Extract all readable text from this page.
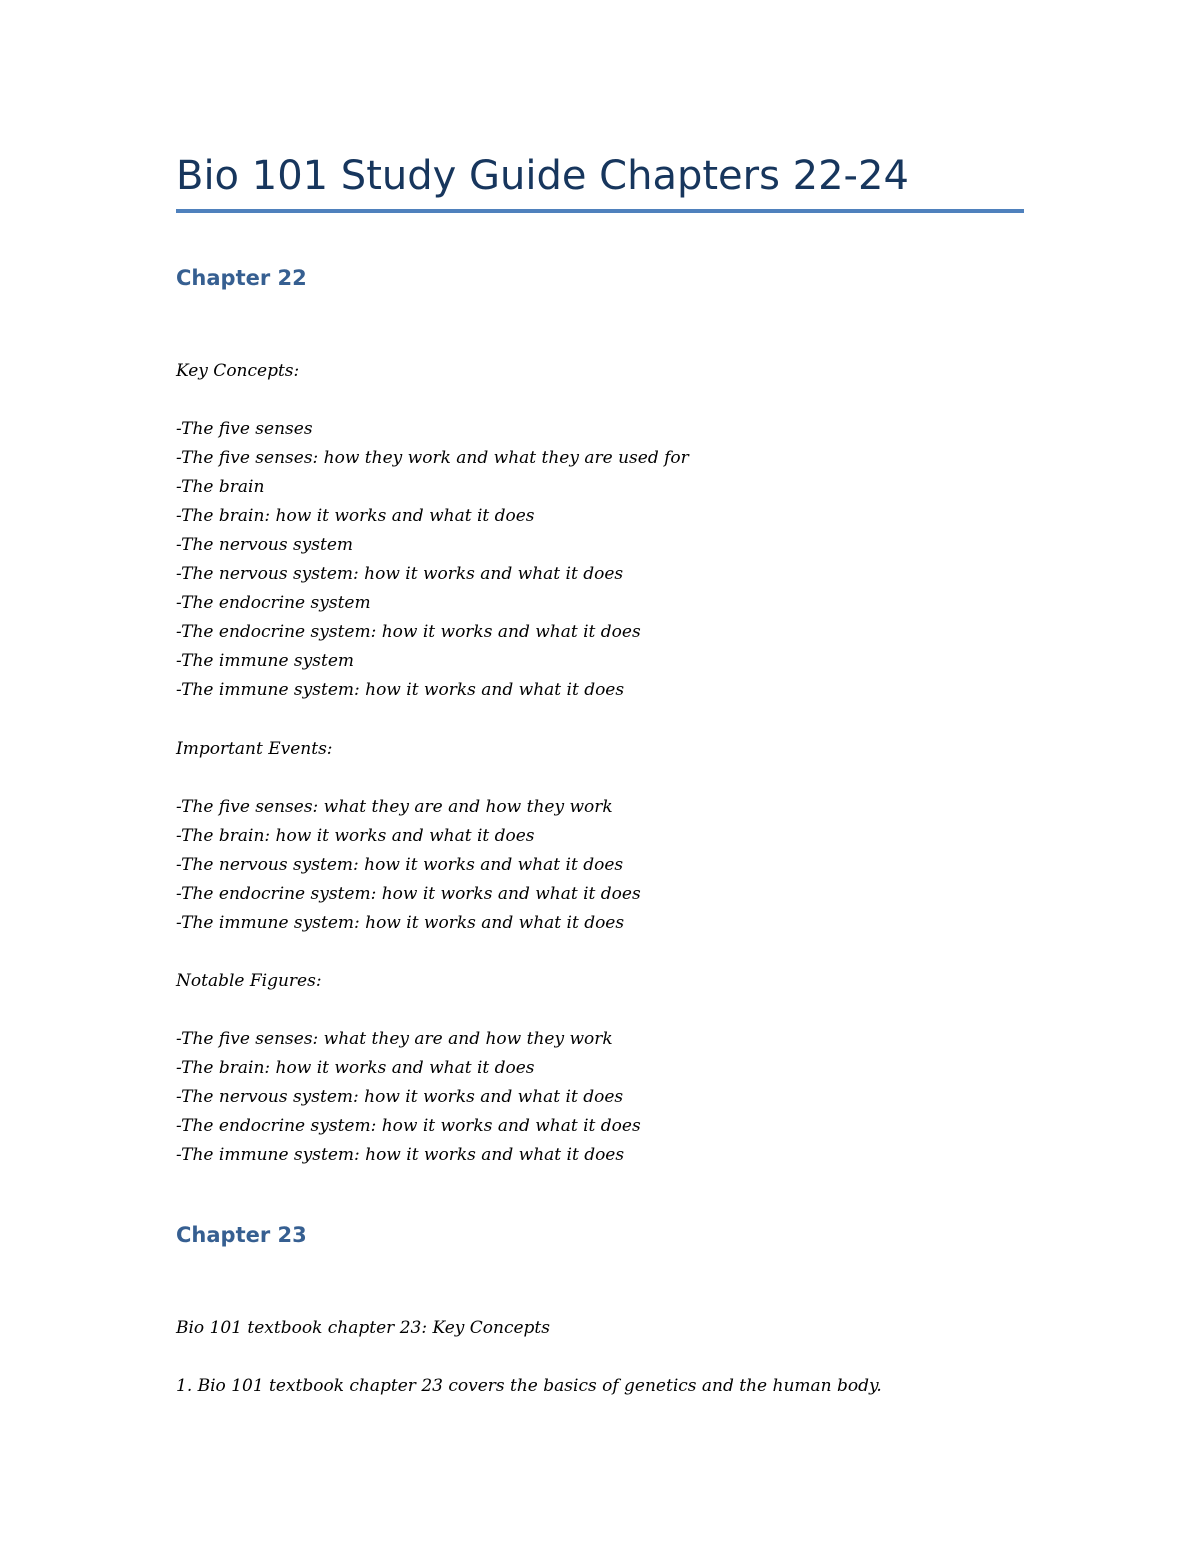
Bio 101 Study Guide Chapters 22-24
Chapter 22
Key Concepts:
-The five senses
-The five senses: how they work and what they are used for
-The brain
-The brain: how it works and what it does
-The nervous system
-The nervous system: how it works and what it does
-The endocrine system
-The endocrine system: how it works and what it does
-The immune system
-The immune system: how it works and what it does
Important Events:
-The five senses: what they are and how they work
-The brain: how it works and what it does
-The nervous system: how it works and what it does
-The endocrine system: how it works and what it does
-The immune system: how it works and what it does
Notable Figures:
-The five senses: what they are and how they work
-The brain: how it works and what it does
-The nervous system: how it works and what it does
-The endocrine system: how it works and what it does
-The immune system: how it works and what it does
Chapter 23
Bio 101 textbook chapter 23: Key Concepts
1. Bio 101 textbook chapter 23 covers the basics of genetics and the human body.
